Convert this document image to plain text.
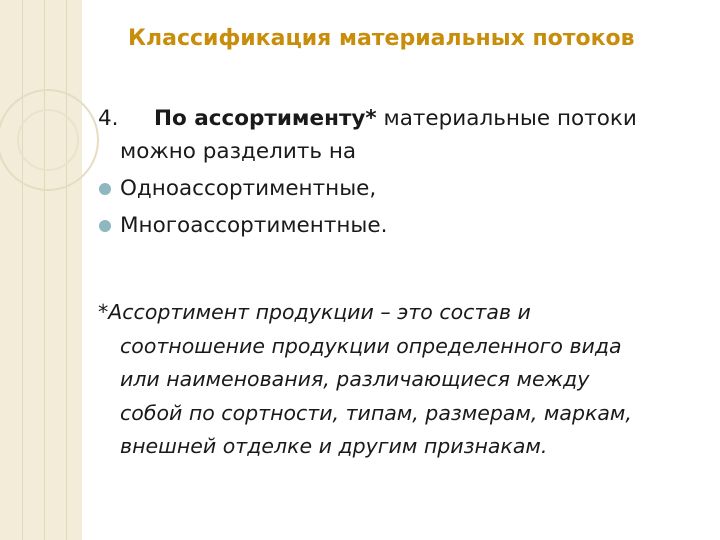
Классификация материальных потоков
4. По ассортименту* материальные потоки
можно разделить на
Одноассортиментные,
Многоассортиментные.
*Ассортимент продукции – это состав и
соотношение продукции определенного вида
или наименования, различающиеся между
собой по сортности, типам, размерам, маркам,
внешней отделке и другим признакам.
